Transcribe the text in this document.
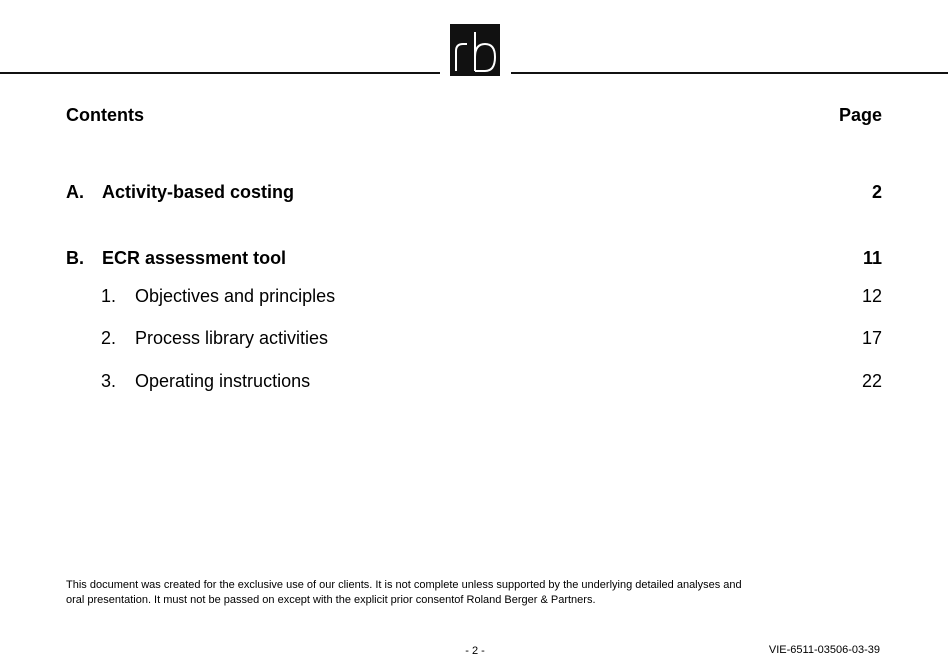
Contents	Page
A. Activity-based costing	2
B. ECR assessment tool	11
1. Objectives and principles	12
2. Process library activities	17
3. Operating instructions	22
This document was created for the exclusive use of our clients. It is not complete unless supported by the underlying detailed analyses and
oral presentation. It must not be passed on except with the explicit prior consentof Roland Berger & Partners.
- 2 -	VIE-6511-03506-03-39
